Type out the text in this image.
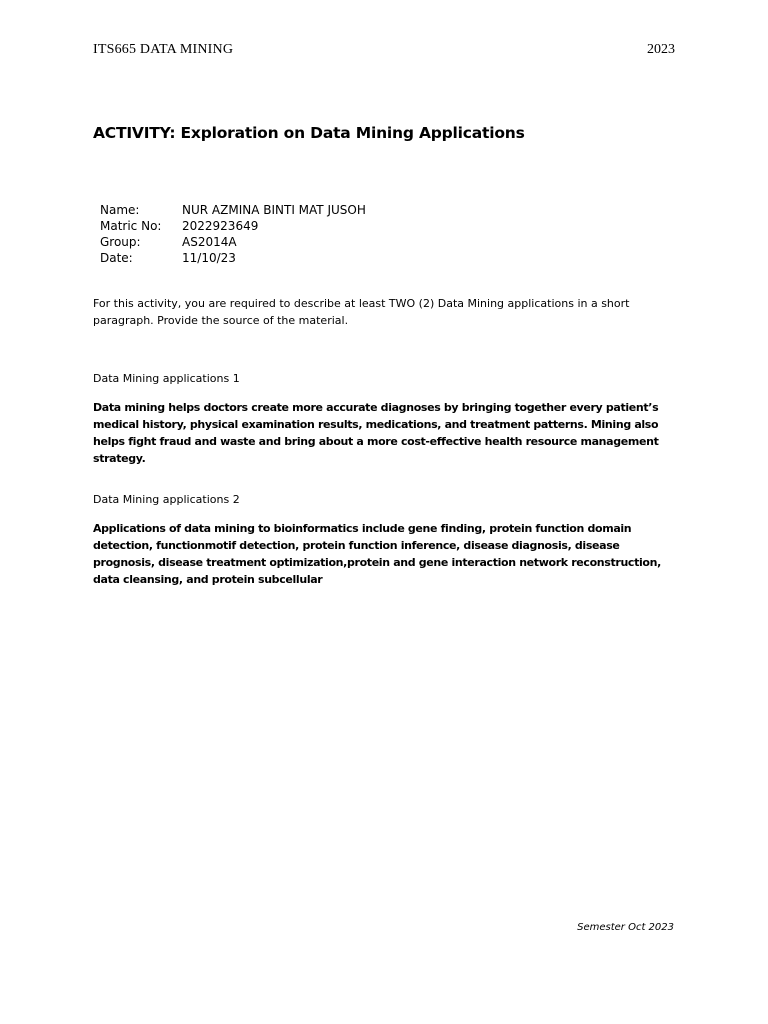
ITS665 DATA MINING	2023
ACTIVITY: Exploration on Data Mining Applications
Name:	NUR AZMINA BINTI MAT JUSOH
Matric No:	2022923649
Group:	AS2014A
Date:	11/10/23
For this activity, you are required to describe at least TWO (2) Data Mining applications in a short paragraph. Provide the source of the material.
Data Mining applications 1
Data mining helps doctors create more accurate diagnoses by bringing together every patient’s medical history, physical examination results, medications, and treatment patterns. Mining also helps fight fraud and waste and bring about a more cost-effective health resource management strategy.
Data Mining applications 2
Applications of data mining to bioinformatics include gene finding, protein function domain detection, functionmotif detection, protein function inference, disease diagnosis, disease prognosis, disease treatment optimization,protein and gene interaction network reconstruction, data cleansing, and protein subcellular
Semester Oct 2023
